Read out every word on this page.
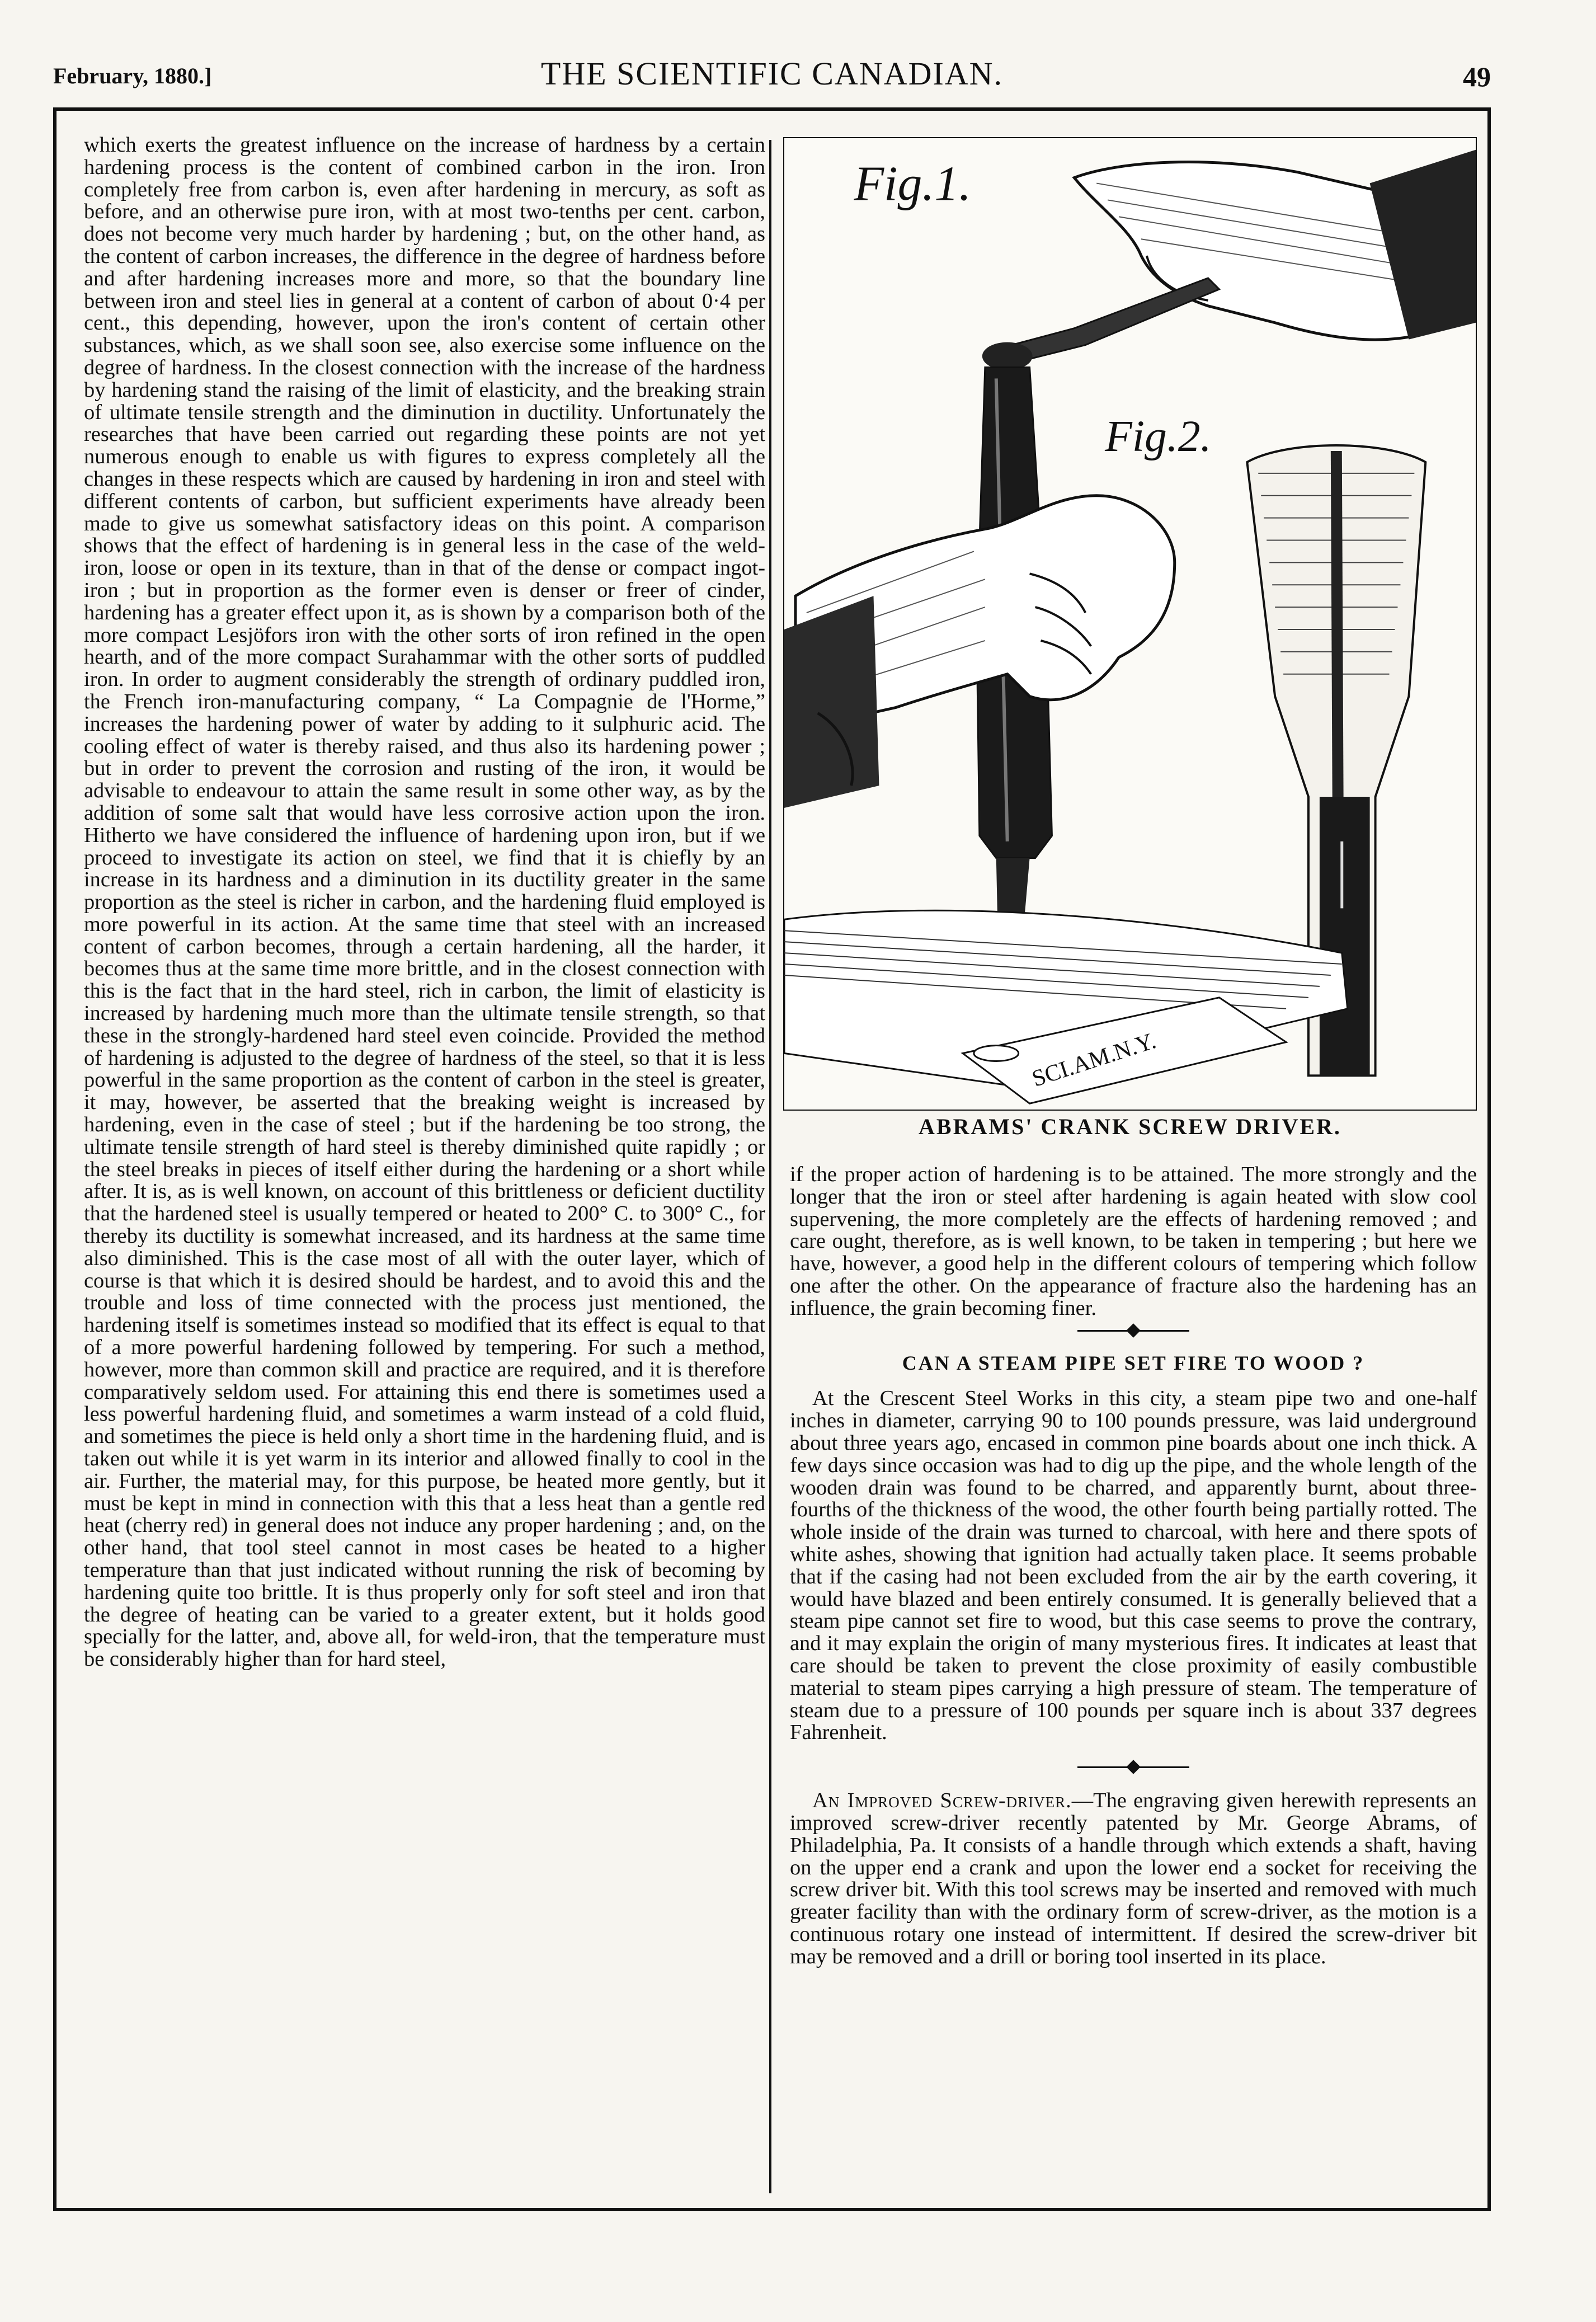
February, 1880.]	THE SCIENTIFIC CANADIAN.	49

which exerts the greatest influence on the increase of hardness by a certain hardening process is the content of combined carbon in the iron. Iron completely free from carbon is, even after hardening in mercury, as soft as before, and an otherwise pure iron, with at most two-tenths per cent. carbon, does not become very much harder by hardening ; but, on the other hand, as the content of carbon increases, the difference in the degree of hardness before and after hardening increases more and more, so that the boundary line between iron and steel lies in general at a content of carbon of about 0·4 per cent., this depending, however, upon the iron's content of certain other substances, which, as we shall soon see, also exercise some influence on the degree of hardness. In the closest connection with the increase of the hardness by hardening stand the raising of the limit of elasticity, and the breaking strain of ultimate tensile strength and the diminution in ductility. Unfortunately the researches that have been carried out regarding these points are not yet numerous enough to enable us with figures to express completely all the changes in these respects which are caused by hardening in iron and steel with different contents of carbon, but sufficient experiments have already been made to give us somewhat satisfactory ideas on this point. A comparison shows that the effect of hardening is in general less in the case of the weld-iron, loose or open in its texture, than in that of the dense or compact ingot-iron ; but in proportion as the former even is denser or freer of cinder, hardening has a greater effect upon it, as is shown by a comparison both of the more compact Lesjöfors iron with the other sorts of iron refined in the open hearth, and of the more compact Surahammar with the other sorts of puddled iron. In order to augment considerably the strength of ordinary puddled iron, the French iron-manufacturing company, “ La Compagnie de l'Horme,” increases the hardening power of water by adding to it sulphuric acid. The cooling effect of water is thereby raised, and thus also its hardening power ; but in order to prevent the corrosion and rusting of the iron, it would be advisable to endeavour to attain the same result in some other way, as by the addition of some salt that would have less corrosive action upon the iron. Hitherto we have considered the influence of hardening upon iron, but if we proceed to investigate its action on steel, we find that it is chiefly by an increase in its hardness and a diminution in its ductility greater in the same proportion as the steel is richer in carbon, and the hardening fluid employed is more powerful in its action. At the same time that steel with an increased content of carbon becomes, through a certain hardening, all the harder, it becomes thus at the same time more brittle, and in the closest connection with this is the fact that in the hard steel, rich in carbon, the limit of elasticity is increased by hardening much more than the ultimate tensile strength, so that these in the strongly-hardened hard steel even coincide. Provided the method of hardening is adjusted to the degree of hardness of the steel, so that it is less powerful in the same proportion as the content of carbon in the steel is greater, it may, however, be asserted that the breaking weight is increased by hardening, even in the case of steel ; but if the hardening be too strong, the ultimate tensile strength of hard steel is thereby diminished quite rapidly ; or the steel breaks in pieces of itself either during the hardening or a short while after. It is, as is well known, on account of this brittleness or deficient ductility that the hardened steel is usually tempered or heated to 200° C. to 300° C., for thereby its ductility is somewhat increased, and its hardness at the same time also diminished. This is the case most of all with the outer layer, which of course is that which it is desired should be hardest, and to avoid this and the trouble and loss of time connected with the process just mentioned, the hardening itself is sometimes instead so modified that its effect is equal to that of a more powerful hardening followed by tempering. For such a method, however, more than common skill and practice are required, and it is therefore comparatively seldom used. For attaining this end there is sometimes used a less powerful hardening fluid, and sometimes a warm instead of a cold fluid, and sometimes the piece is held only a short time in the hardening fluid, and is taken out while it is yet warm in its interior and allowed finally to cool in the air. Further, the material may, for this purpose, be heated more gently, but it must be kept in mind in connection with this that a less heat than a gentle red heat (cherry red) in general does not induce any proper hardening ; and, on the other hand, that tool steel cannot in most cases be heated to a higher temperature than that just indicated without running the risk of becoming by hardening quite too brittle. It is thus properly only for soft steel and iron that the degree of heating can be varied to a greater extent, but it holds good specially for the latter, and, above all, for weld-iron, that the temperature must be considerably higher than for hard steel,

Fig.1.
Fig.2.
SCI.AM.N.Y.
ABRAMS' CRANK SCREW DRIVER.

if the proper action of hardening is to be attained. The more strongly and the longer that the iron or steel after hardening is again heated with slow cool supervening, the more completely are the effects of hardening removed ; and care ought, therefore, as is well known, to be taken in tempering ; but here we have, however, a good help in the different colours of tempering which follow one after the other. On the appearance of fracture also the hardening has an influence, the grain becoming finer.

CAN A STEAM PIPE SET FIRE TO WOOD ?

At the Crescent Steel Works in this city, a steam pipe two and one-half inches in diameter, carrying 90 to 100 pounds pressure, was laid underground about three years ago, encased in common pine boards about one inch thick. A few days since occasion was had to dig up the pipe, and the whole length of the wooden drain was found to be charred, and apparently burnt, about three-fourths of the thickness of the wood, the other fourth being partially rotted. The whole inside of the drain was turned to charcoal, with here and there spots of white ashes, showing that ignition had actually taken place. It seems probable that if the casing had not been excluded from the air by the earth covering, it would have blazed and been entirely consumed. It is generally believed that a steam pipe cannot set fire to wood, but this case seems to prove the contrary, and it may explain the origin of many mysterious fires. It indicates at least that care should be taken to prevent the close proximity of easily combustible material to steam pipes carrying a high pressure of steam. The temperature of steam due to a pressure of 100 pounds per square inch is about 337 degrees Fahrenheit.

An Improved Screw-driver.—The engraving given herewith represents an improved screw-driver recently patented by Mr. George Abrams, of Philadelphia, Pa. It consists of a handle through which extends a shaft, having on the upper end a crank and upon the lower end a socket for receiving the screw driver bit. With this tool screws may be inserted and removed with much greater facility than with the ordinary form of screw-driver, as the motion is a continuous rotary one instead of intermittent. If desired the screw-driver bit may be removed and a drill or boring tool inserted in its place.
